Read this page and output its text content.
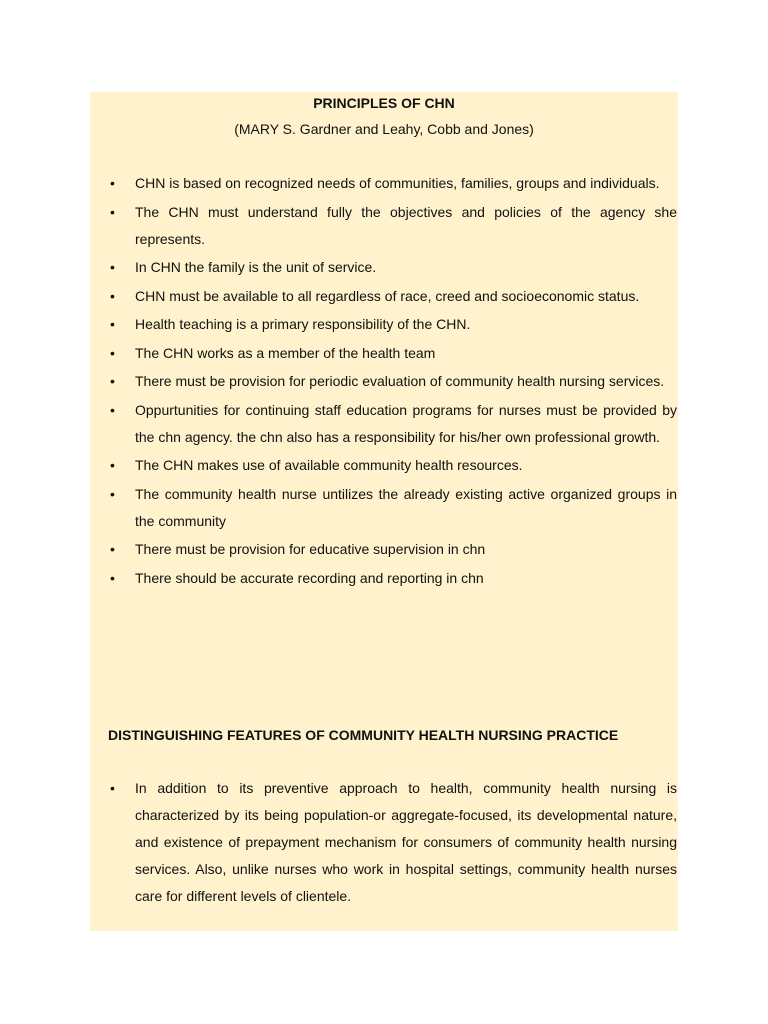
PRINCIPLES OF CHN
(MARY S. Gardner and Leahy, Cobb and Jones)
• CHN is based on recognized needs of communities, families, groups and individuals.
• The CHN must understand fully the objectives and policies of the agency she represents.
• In CHN the family is the unit of service.
• CHN must be available to all regardless of race, creed and socioeconomic status.
• Health teaching is a primary responsibility of the CHN.
• The CHN works as a member of the health team
• There must be provision for periodic evaluation of community health nursing services.
• Oppurtunities for continuing staff education programs for nurses must be provided by the chn agency. the chn also has a responsibility for his/her own professional growth.
• The CHN makes use of available community health resources.
• The community health nurse untilizes the already existing active organized groups in the community
• There must be provision for educative supervision in chn
• There should be accurate recording and reporting in chn
DISTINGUISHING FEATURES OF COMMUNITY HEALTH NURSING PRACTICE
• In addition to its preventive approach to health, community health nursing is characterized by its being population-or aggregate-focused, its developmental nature, and existence of prepayment mechanism for consumers of community health nursing services. Also, unlike nurses who work in hospital settings, community health nurses care for different levels of clientele.
